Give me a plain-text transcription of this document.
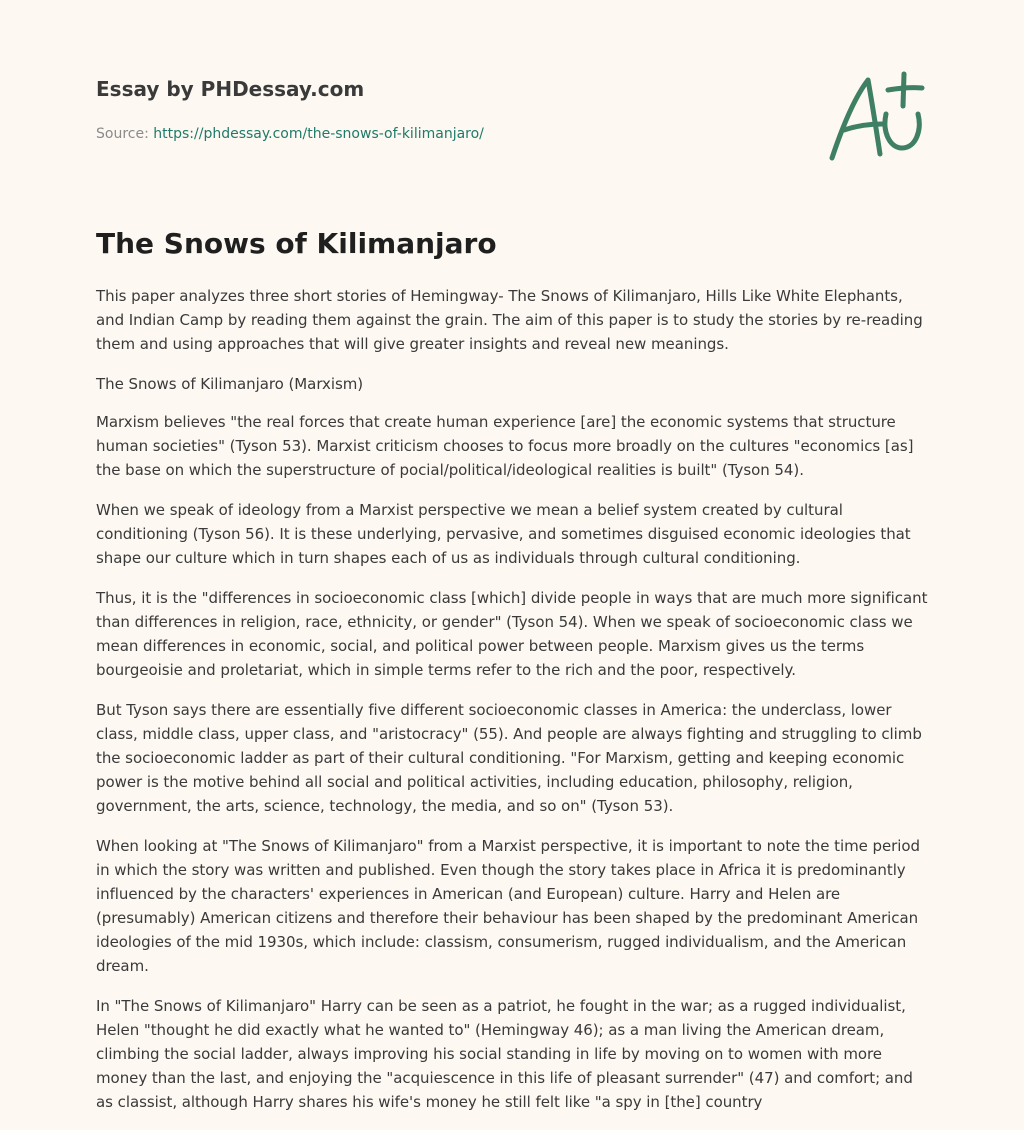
Essay by PHDessay.com
Source: https://phdessay.com/the-snows-of-kilimanjaro/
The Snows of Kilimanjaro

This paper analyzes three short stories of Hemingway- The Snows of Kilimanjaro, Hills Like White Elephants, and Indian Camp by reading them against the grain. The aim of this paper is to study the stories by re-reading them and using approaches that will give greater insights and reveal new meanings.

The Snows of Kilimanjaro (Marxism)

Marxism believes "the real forces that create human experience [are] the economic systems that structure human societies" (Tyson 53). Marxist criticism chooses to focus more broadly on the cultures "economics [as] the base on which the superstructure of pocial/political/ideological realities is built" (Tyson 54).

When we speak of ideology from a Marxist perspective we mean a belief system created by cultural conditioning (Tyson 56). It is these underlying, pervasive, and sometimes disguised economic ideologies that shape our culture which in turn shapes each of us as individuals through cultural conditioning.

Thus, it is the "differences in socioeconomic class [which] divide people in ways that are much more significant than differences in religion, race, ethnicity, or gender" (Tyson 54). When we speak of socioeconomic class we mean differences in economic, social, and political power between people. Marxism gives us the terms bourgeoisie and proletariat, which in simple terms refer to the rich and the poor, respectively.

But Tyson says there are essentially five different socioeconomic classes in America: the underclass, lower class, middle class, upper class, and "aristocracy" (55). And people are always fighting and struggling to climb the socioeconomic ladder as part of their cultural conditioning. "For Marxism, getting and keeping economic power is the motive behind all social and political activities, including education, philosophy, religion, government, the arts, science, technology, the media, and so on" (Tyson 53).

When looking at "The Snows of Kilimanjaro" from a Marxist perspective, it is important to note the time period in which the story was written and published. Even though the story takes place in Africa it is predominantly influenced by the characters' experiences in American (and European) culture. Harry and Helen are (presumably) American citizens and therefore their behaviour has been shaped by the predominant American ideologies of the mid 1930s, which include: classism, consumerism, rugged individualism, and the American dream.

In "The Snows of Kilimanjaro" Harry can be seen as a patriot, he fought in the war; as a rugged individualist, Helen "thought he did exactly what he wanted to" (Hemingway 46); as a man living the American dream, climbing the social ladder, always improving his social standing in life by moving on to women with more money than the last, and enjoying the "acquiescence in this life of pleasant surrender" (47) and comfort; and as classist, although Harry shares his wife's money he still felt like "a spy in [the] country
